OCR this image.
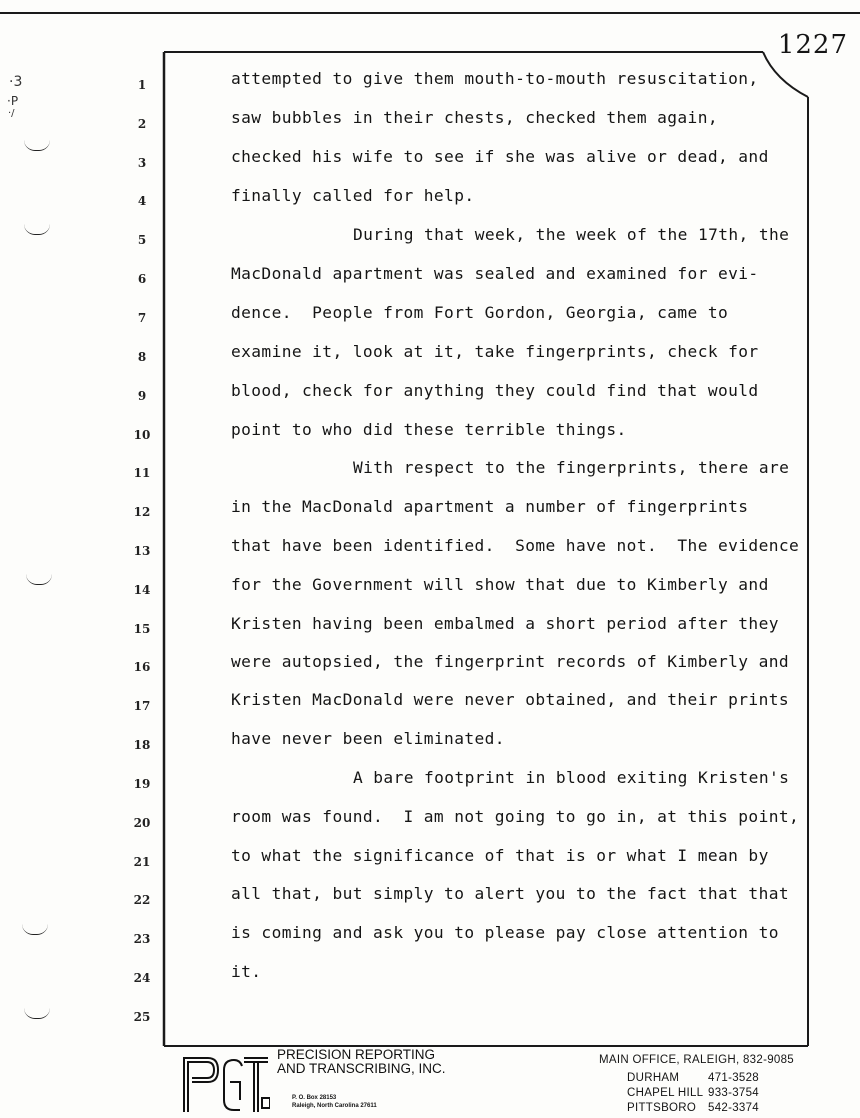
1227
·3
·P
·/
1
2
3
4
5
6
7
8
9
10
11
12
13
14
15
16
17
18
19
20
21
22
23
24
25
attempted to give them mouth-to-mouth resuscitation,
saw bubbles in their chests, checked them again,
checked his wife to see if she was alive or dead, and
finally called for help.
During that week, the week of the 17th, the
MacDonald apartment was sealed and examined for evi-
dence.  People from Fort Gordon, Georgia, came to
examine it, look at it, take fingerprints, check for
blood, check for anything they could find that would
point to who did these terrible things.
With respect to the fingerprints, there are
in the MacDonald apartment a number of fingerprints
that have been identified.  Some have not.  The evidence
for the Government will show that due to Kimberly and
Kristen having been embalmed a short period after they
were autopsied, the fingerprint records of Kimberly and
Kristen MacDonald were never obtained, and their prints
have never been eliminated.
A bare footprint in blood exiting Kristen's
room was found.  I am not going to go in, at this point,
to what the significance of that is or what I mean by
all that, but simply to alert you to the fact that that
is coming and ask you to please pay close attention to
it.
PRECISION REPORTING
AND TRANSCRIBING, INC.
P. O. Box 28153
Raleigh, North Carolina 27611
MAIN OFFICE, RALEIGH, 832-9085
DURHAM 471-3528
CHAPEL HILL 933-3754
PITTSBORO 542-3374
